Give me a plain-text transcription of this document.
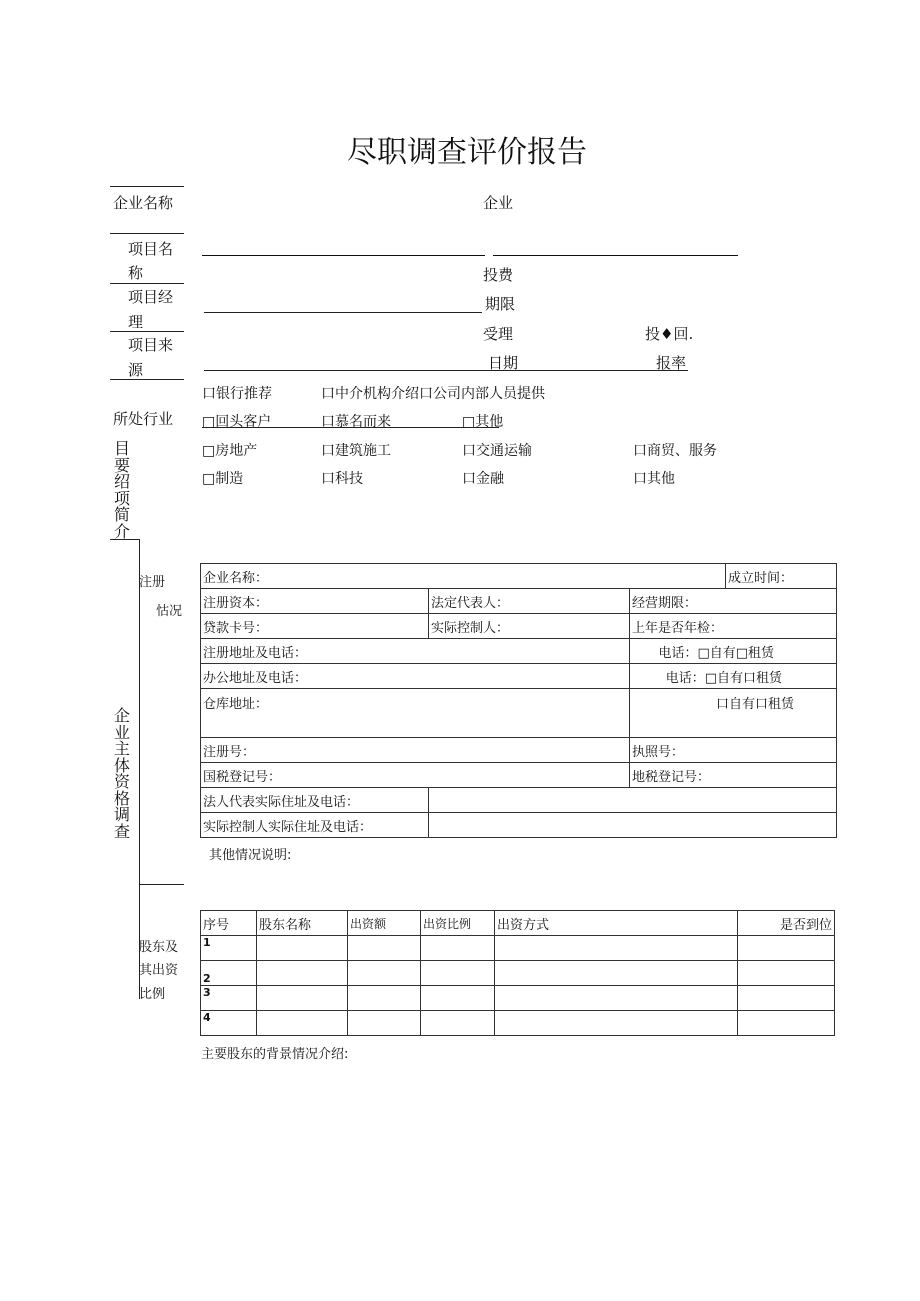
尽职调查评价报告
企业名称
项目名
称
项目经
理
项目来
源
所处行业
目要绍项简介
企业主体资格调查
注册
怙况
股东及
其出资
比例
企业
投费
期限
受理	投♦回.
日期	报率
口银行推荐	口中介机构介绍口公司内部人员提供
□回头客户	口慕名而来	□其他
□房地产	口建筑施工	口交通运输	口商贸、服务
□制造	口科技	口金融	口其他
企业名称：			成立时间：
注册资本：	法定代表人：	经营期限：	
贷款卡号：	实际控制人：	上年是否年检：	
注册地址及电话：		电话：□自有□租赁	
办公地址及电话：		电话：□自有口租赁	
仓库地址：		口自有口租赁	
注册号：		执照号：	
国税登记号：		地税登记号：	
法人代表实际住址及电话：			
实际控制人实际住址及电话：			
其他情况说明:
序号	股东名称	出资额	出资比例	出资方式	是否到位
1					
2					
3					
4					
主要股东的背景情况介绍:
